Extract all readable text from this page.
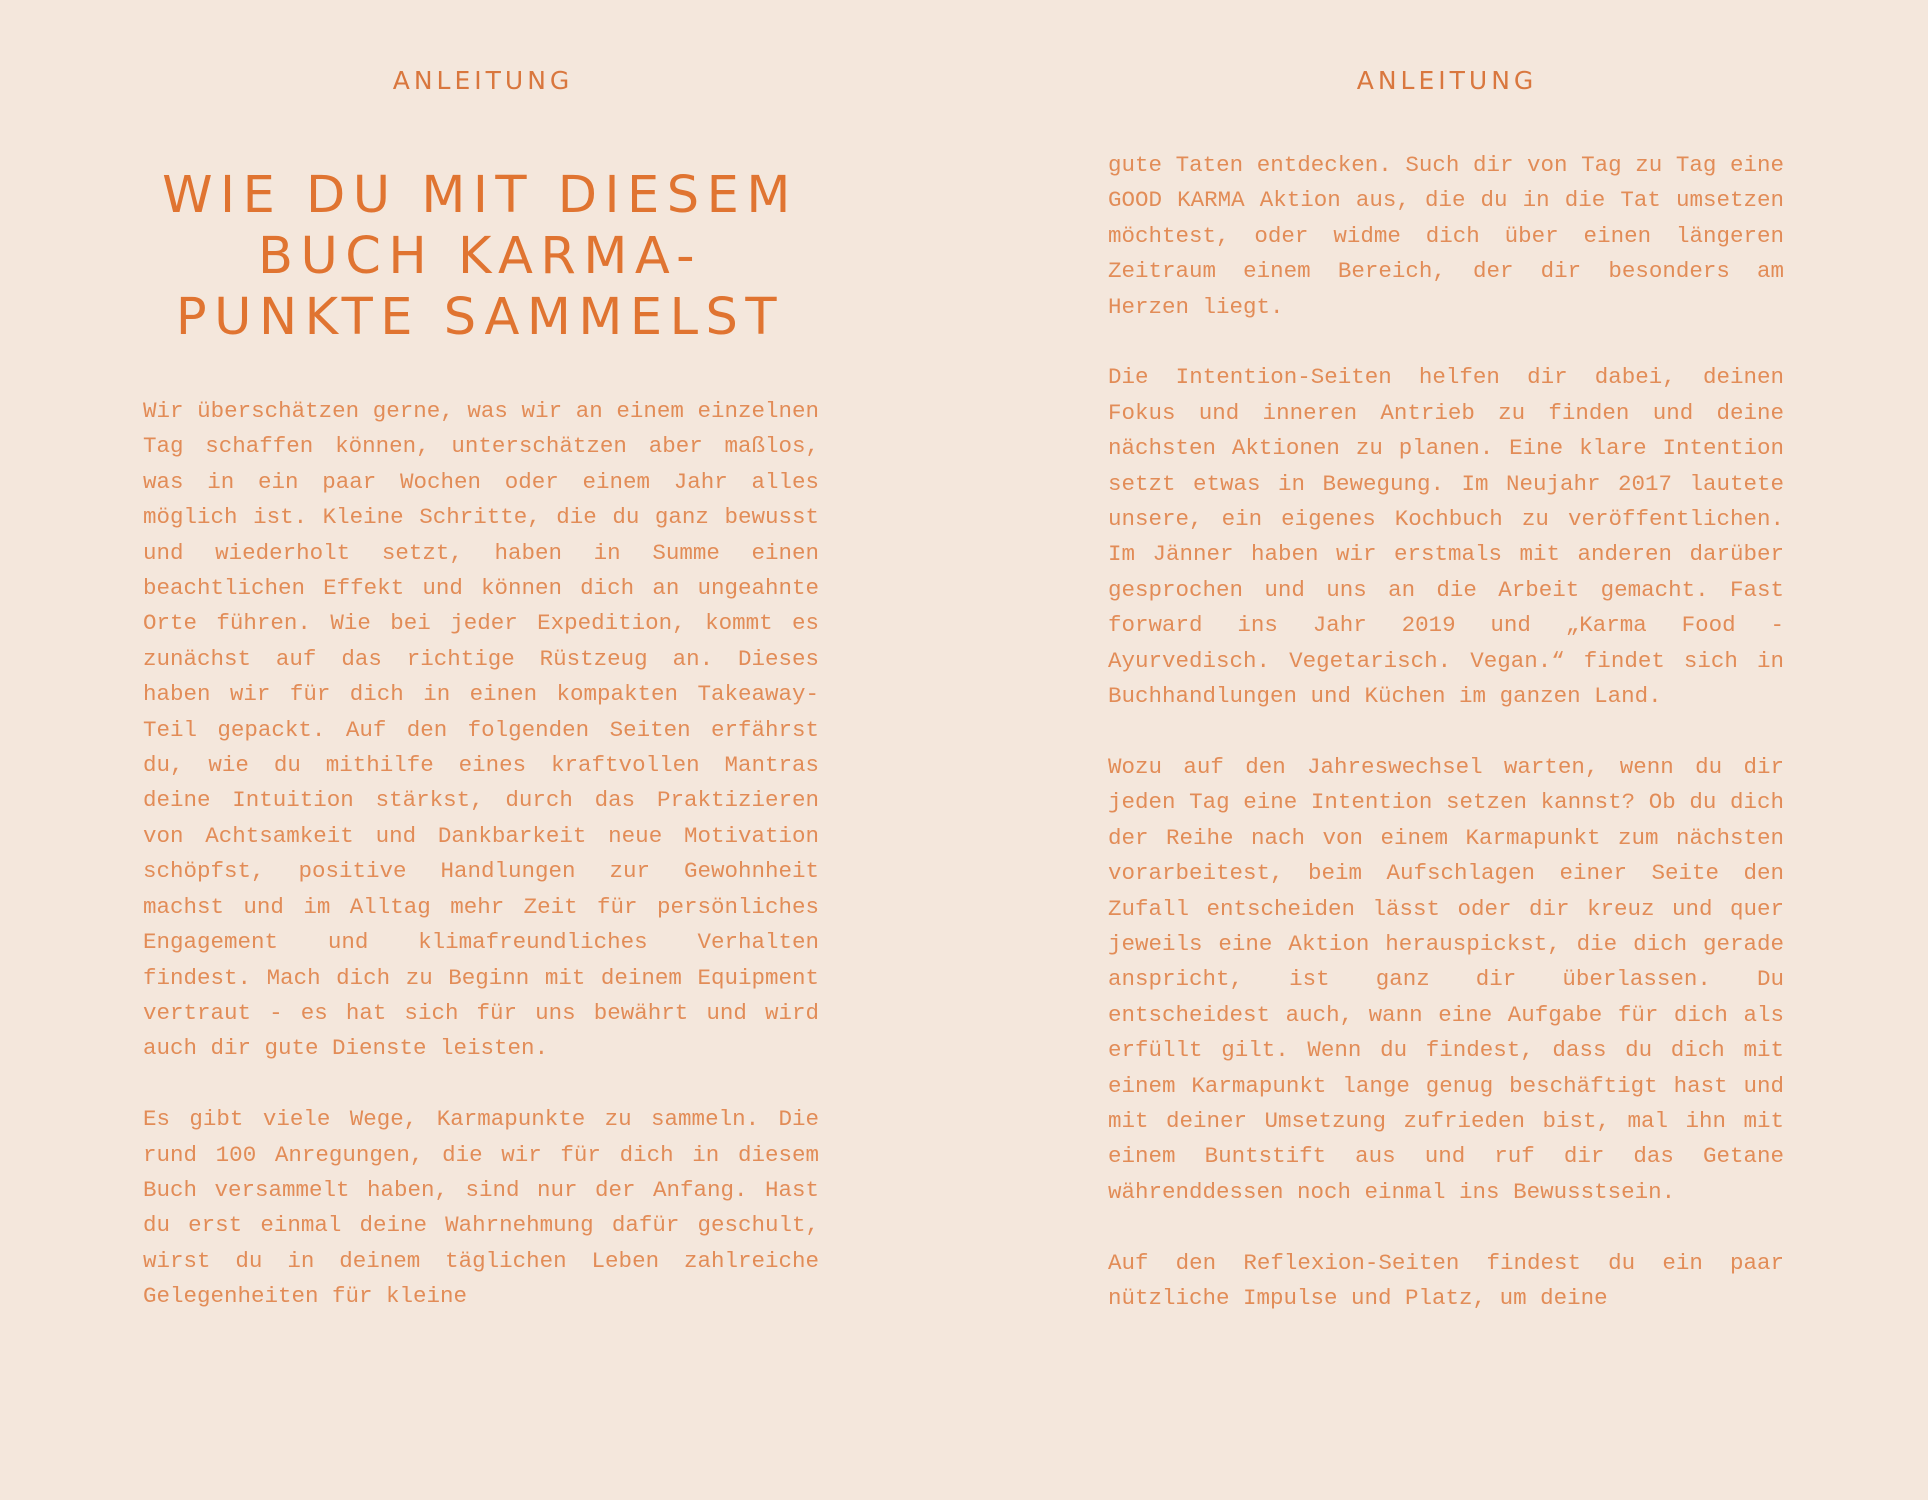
ANLEITUNG
WIE DU MIT DIESEM
BUCH KARMA-
PUNKTE SAMMELST

Wir überschätzen gerne, was wir an einem einzelnen Tag schaffen können, unterschätzen aber maßlos, was in ein paar Wochen oder einem Jahr alles möglich ist. Kleine Schritte, die du ganz bewusst und wiederholt setzt, haben in Summe einen beachtlichen Effekt und können dich an ungeahnte Orte führen. Wie bei jeder Expedition, kommt es zunächst auf das richtige Rüstzeug an. Dieses haben wir für dich in einen kompakten Takeaway-Teil gepackt. Auf den folgenden Seiten erfährst du, wie du mithilfe eines kraftvollen Mantras deine Intuition stärkst, durch das Praktizieren von Achtsamkeit und Dankbarkeit neue Motivation schöpfst, positive Handlungen zur Gewohnheit machst und im Alltag mehr Zeit für persönliches Engagement und klimafreundliches Verhalten findest. Mach dich zu Beginn mit deinem Equipment vertraut - es hat sich für uns bewährt und wird auch dir gute Dienste leisten.

Es gibt viele Wege, Karmapunkte zu sammeln. Die rund 100 Anregungen, die wir für dich in diesem Buch versammelt haben, sind nur der Anfang. Hast du erst einmal deine Wahrnehmung dafür geschult, wirst du in deinem täglichen Leben zahlreiche Gelegenheiten für kleine

ANLEITUNG

gute Taten entdecken. Such dir von Tag zu Tag eine GOOD KARMA Aktion aus, die du in die Tat umsetzen möchtest, oder widme dich über einen längeren Zeitraum einem Bereich, der dir besonders am Herzen liegt.

Die Intention-Seiten helfen dir dabei, deinen Fokus und inneren Antrieb zu finden und deine nächsten Aktionen zu planen. Eine klare Intention setzt etwas in Bewegung. Im Neujahr 2017 lautete unsere, ein eigenes Kochbuch zu veröffentlichen. Im Jänner haben wir erstmals mit anderen darüber gesprochen und uns an die Arbeit gemacht. Fast forward ins Jahr 2019 und „Karma Food - Ayurvedisch. Vegetarisch. Vegan.“ findet sich in Buchhandlungen und Küchen im ganzen Land.

Wozu auf den Jahreswechsel warten, wenn du dir jeden Tag eine Intention setzen kannst? Ob du dich der Reihe nach von einem Karmapunkt zum nächsten vorarbeitest, beim Aufschlagen einer Seite den Zufall entscheiden lässt oder dir kreuz und quer jeweils eine Aktion herauspickst, die dich gerade anspricht, ist ganz dir überlassen. Du entscheidest auch, wann eine Aufgabe für dich als erfüllt gilt. Wenn du findest, dass du dich mit einem Karmapunkt lange genug beschäftigt hast und mit deiner Umsetzung zufrieden bist, mal ihn mit einem Buntstift aus und ruf dir das Getane währenddessen noch einmal ins Bewusstsein.

Auf den Reflexion-Seiten findest du ein paar nützliche Impulse und Platz, um deine
